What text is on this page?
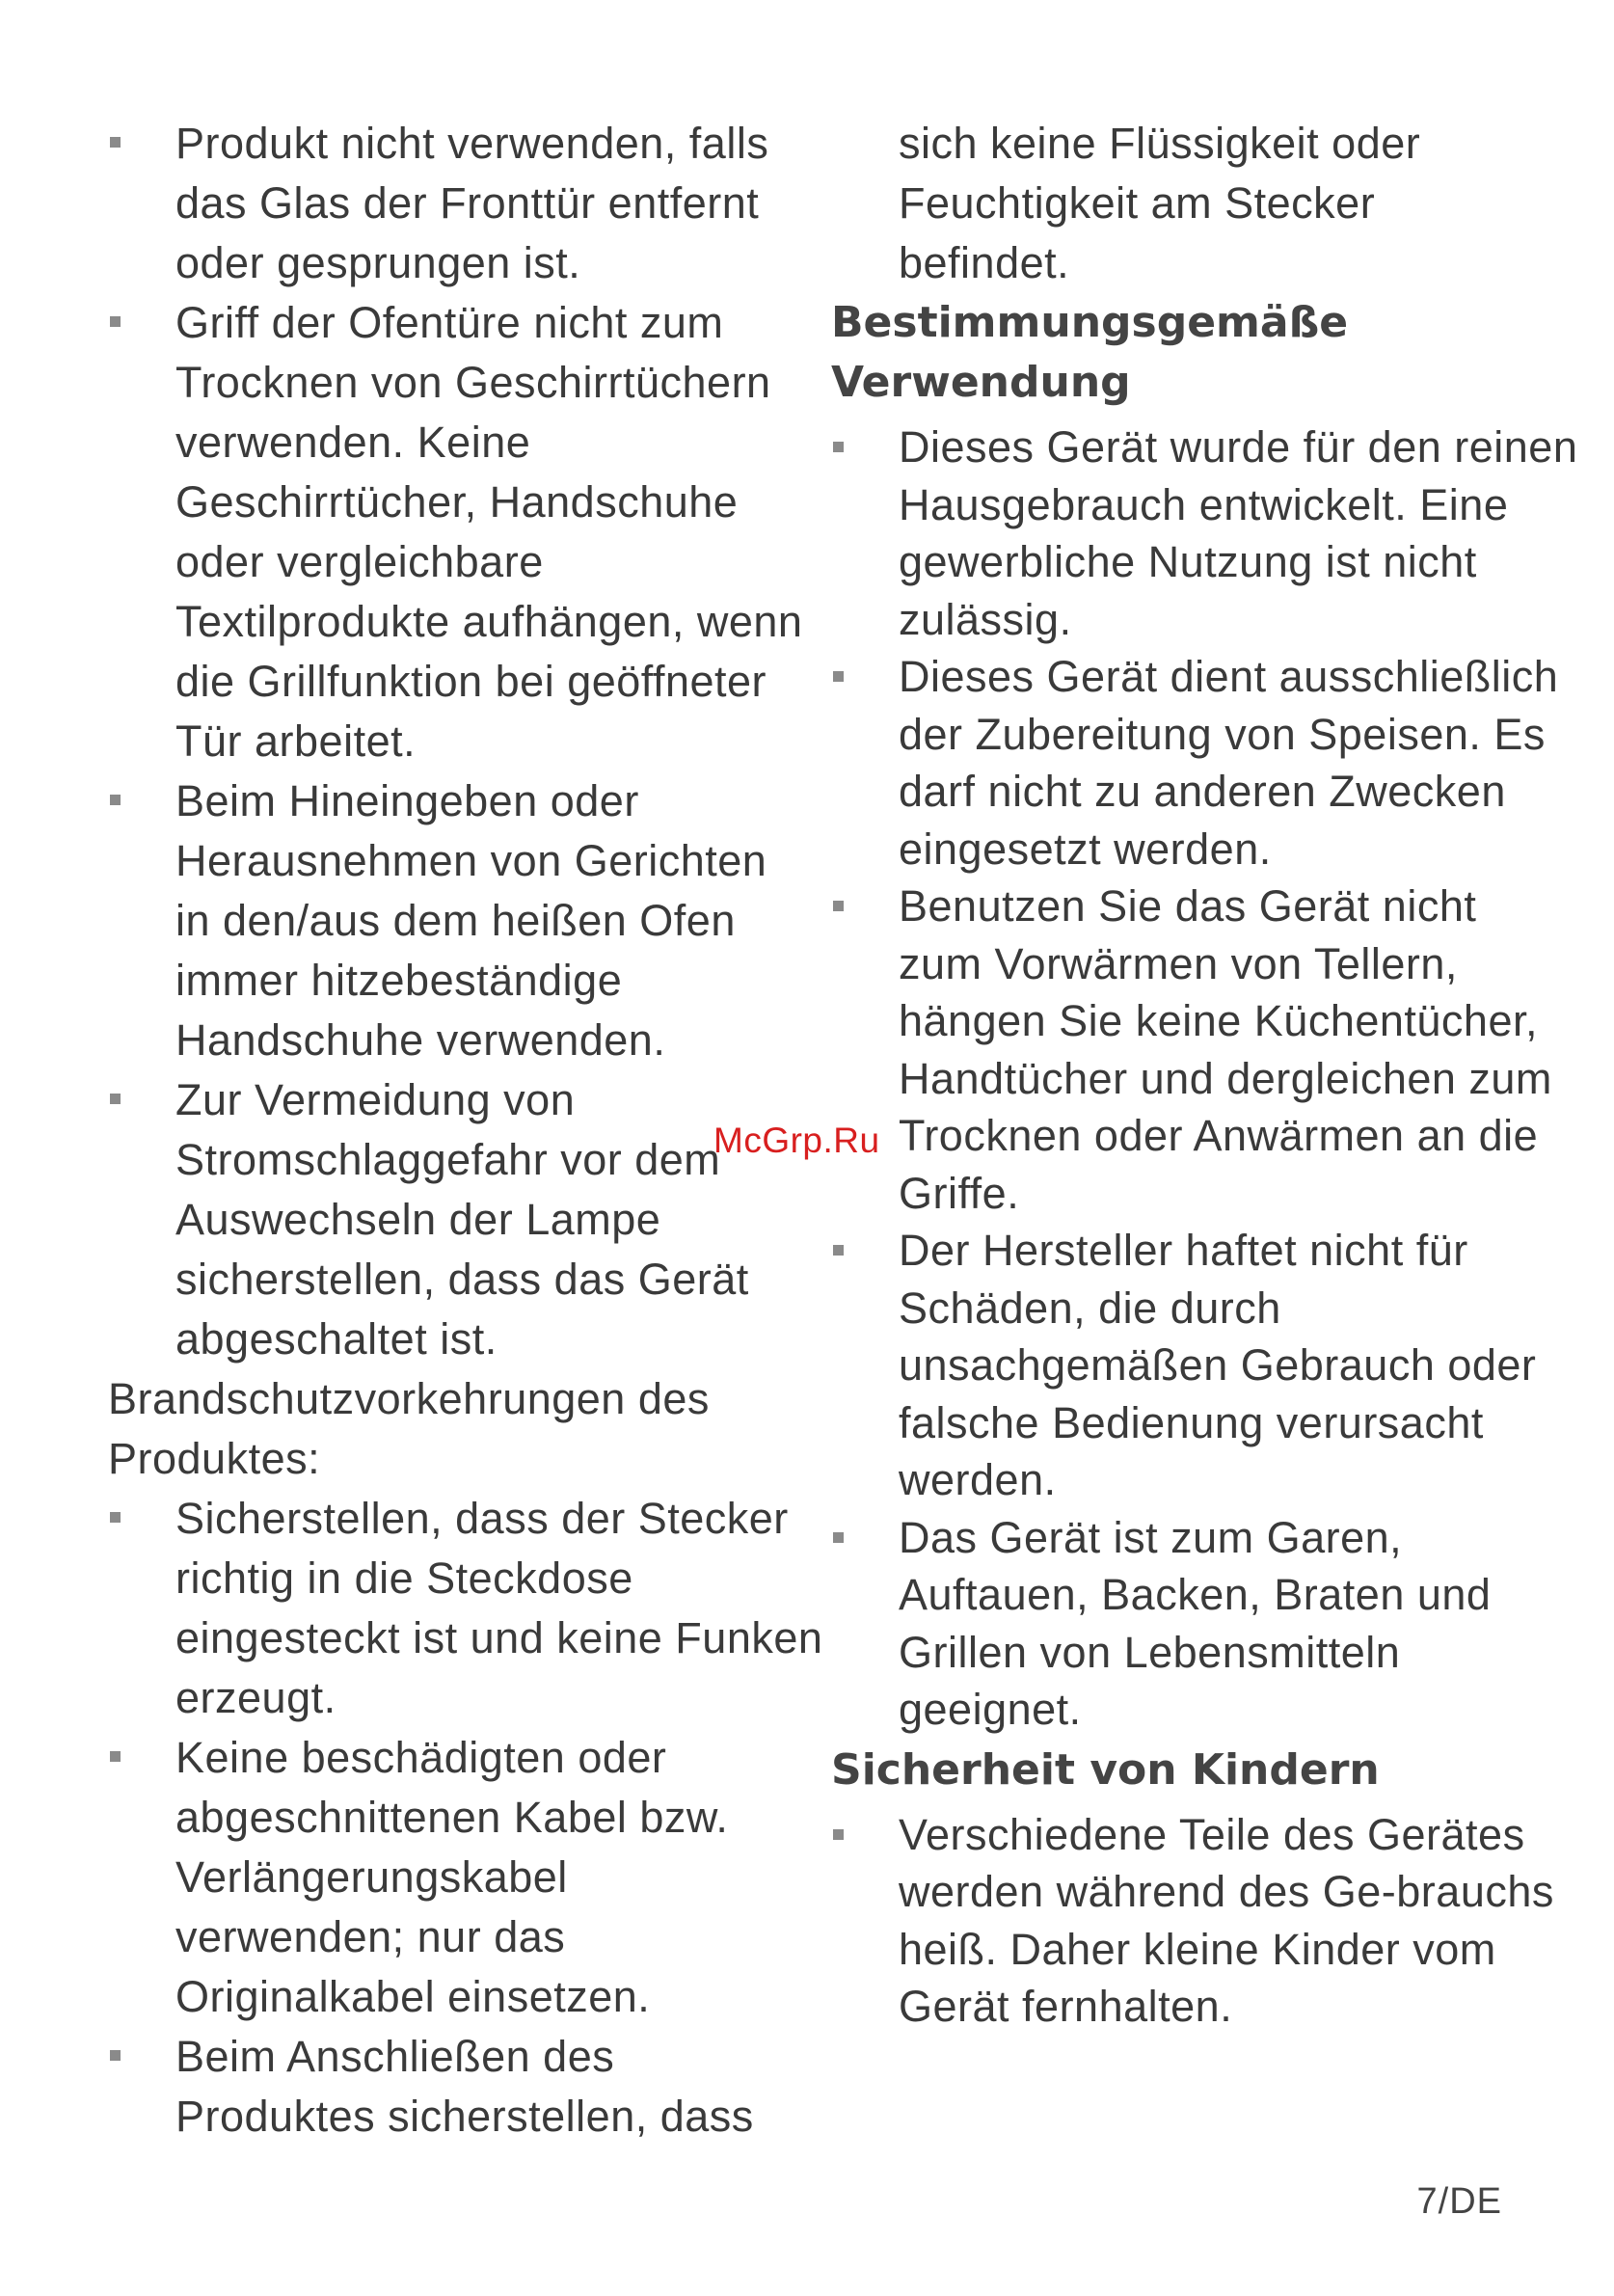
Produkt nicht verwenden, falls das Glas der Fronttür entfernt oder gesprungen ist.
Griff der Ofentüre nicht zum Trocknen von Geschirrtüchern verwenden. Keine Geschirrtücher, Handschuhe oder vergleichbare Textilprodukte aufhängen, wenn die Grillfunktion bei geöffneter Tür arbeitet.
Beim Hineingeben oder Herausnehmen von Gerichten in den/aus dem heißen Ofen immer hitzebeständige Handschuhe verwenden.
Zur Vermeidung von Stromschlaggefahr vor dem Auswechseln der Lampe sicherstellen, dass das Gerät abgeschaltet ist.
Brandschutzvorkehrungen des Produktes:
Sicherstellen, dass der Stecker richtig in die Steckdose eingesteckt ist und keine Funken erzeugt.
Keine beschädigten oder abgeschnittenen Kabel bzw. Verlängerungskabel verwenden; nur das Originalkabel einsetzen.
Beim Anschließen des Produktes sicherstellen, dass
sich keine Flüssigkeit oder Feuchtigkeit am Stecker befindet.
Bestimmungsgemäße Verwendung
Dieses Gerät wurde für den reinen Hausgebrauch entwickelt. Eine gewerbliche Nutzung ist nicht zulässig.
Dieses Gerät dient ausschließlich der Zubereitung von Speisen. Es darf nicht zu anderen Zwecken eingesetzt werden.
Benutzen Sie das Gerät nicht zum Vorwärmen von Tellern, hängen Sie keine Küchentücher, Handtücher und dergleichen zum Trocknen oder Anwärmen an die Griffe.
Der Hersteller haftet nicht für Schäden, die durch unsachgemäßen Gebrauch oder falsche Bedienung verursacht werden.
Das Gerät ist zum Garen, Auftauen, Backen, Braten und Grillen von Lebensmitteln geeignet.
Sicherheit von Kindern
Verschiedene Teile des Gerätes werden während des Ge-brauchs heiß. Daher kleine Kinder vom Gerät fernhalten.
McGrp.Ru
7/DE
